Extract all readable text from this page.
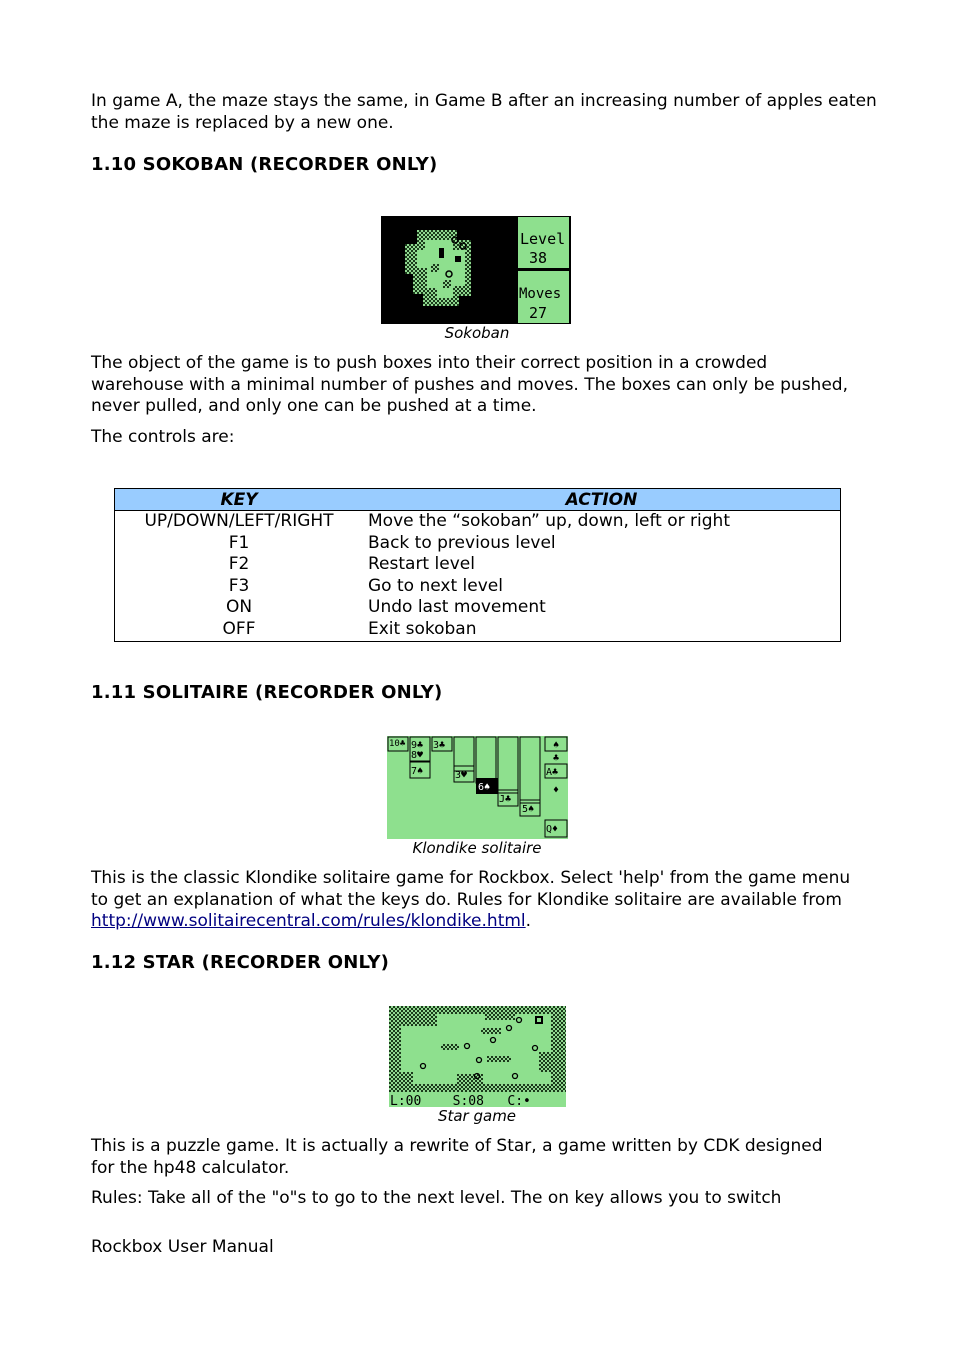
In game A, the maze stays the same, in Game B after an increasing number of apples eaten the maze is replaced by a new one.

1.10 SOKOBAN (RECORDER ONLY)
Level
38
Moves
27
Sokoban

The object of the game is to push boxes into their correct position in a crowded warehouse with a minimal number of pushes and moves. The boxes can only be pushed, never pulled, and only one can be pushed at a time.

The controls are:

KEY	ACTION
UP/DOWN/LEFT/RIGHT	Move the “sokoban” up, down, left or right
F1	Back to previous level
F2	Restart level
F3	Go to next level
ON	Undo last movement
OFF	Exit sokoban
1.11 SOLITAIRE (RECORDER ONLY)
10♣ 9♣
8♥
7♠
3♣
3♥
6♠
J♣
5♠
♠
♣
A♣
♦
Q♦
Klondike solitaire

This is the classic Klondike solitaire game for Rockbox. Select 'help' from the game menu to get an explanation of what the keys do. Rules for Klondike solitaire are available from http://www.solitairecentral.com/rules/klondike.html.

1.12 STAR (RECORDER ONLY)
L:00    S:08   C:•
Star game

This is a puzzle game. It is actually a rewrite of Star, a game written by CDK designed for the hp48 calculator.

Rules: Take all of the "o"s to go to the next level. The on key allows you to switch

Rockbox User Manual
